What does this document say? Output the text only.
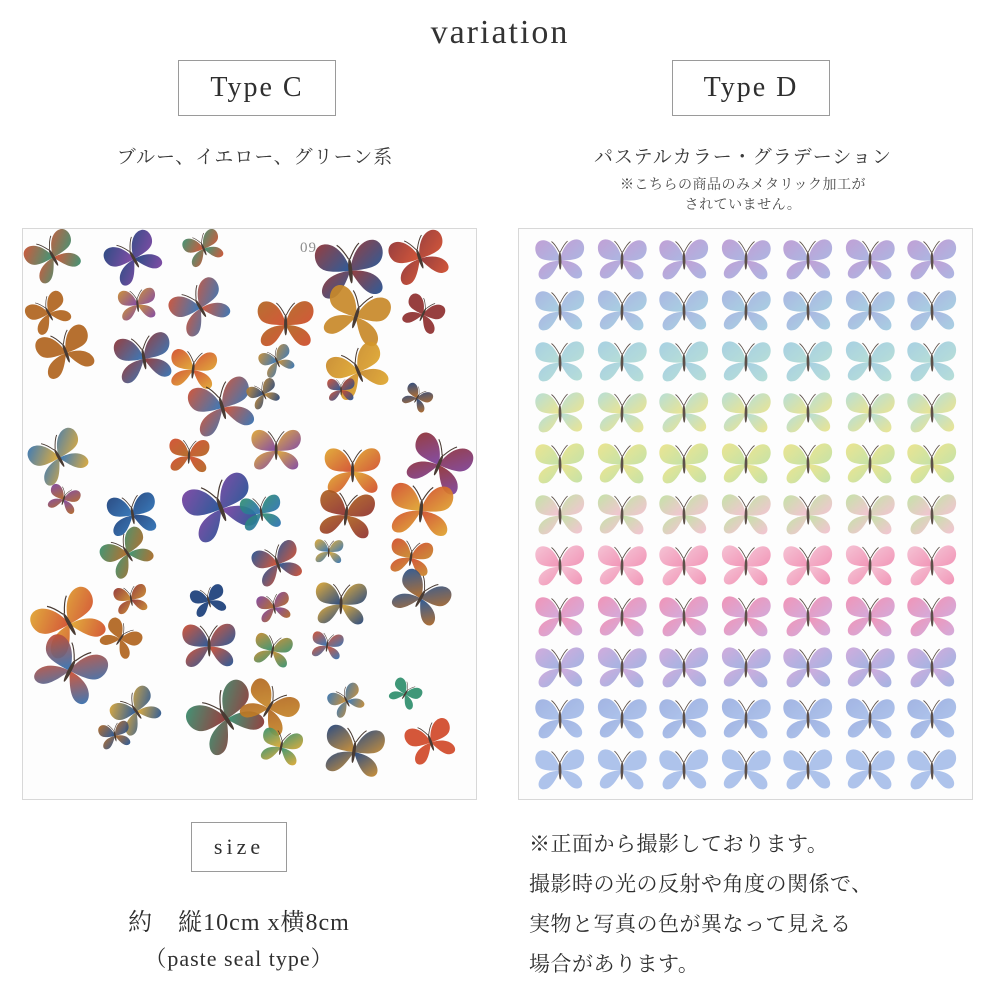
variation
Type C
ブルー、イエロー、グリーン系
Type D
パステルカラー・グラデーション
※こちらの商品のみメタリック加工が
されていません。
09
size
約　縦10cm x横8cm
（paste seal type）
※正面から撮影しております。
撮影時の光の反射や角度の関係で、
実物と写真の色が異なって見える
場合があります。
